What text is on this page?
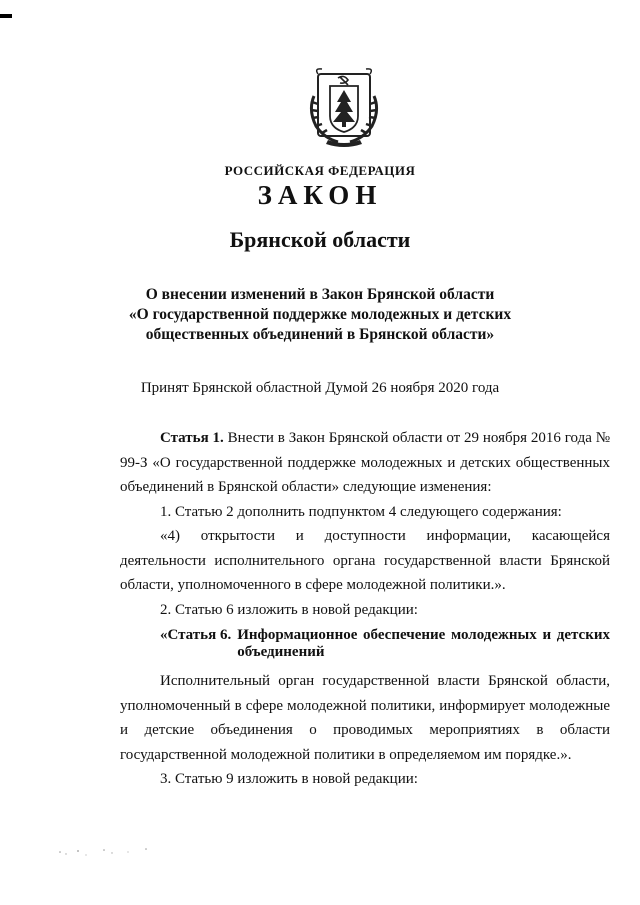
РОССИЙСКАЯ ФЕДЕРАЦИЯ
ЗАКОН
Брянской области
О внесении изменений в Закон Брянской области
«О государственной поддержке молодежных и детских
общественных объединений в Брянской области»
Принят Брянской областной Думой 26 ноября 2020 года

Статья 1. Внести в Закон Брянской области от 29 ноября 2016 года № 99-З «О государственной поддержке молодежных и детских общественных объединений в Брянской области» следующие изменения:

1. Статью 2 дополнить подпунктом 4 следующего содержания:

«4) открытости и доступности информации, касающейся деятельности исполнительного органа государственной власти Брянской области, уполномоченного в сфере молодежной политики.».

2. Статью 6 изложить в новой редакции:

«Статья 6. Информационное обеспечение молодежных и детских объединений

Исполнительный орган государственной власти Брянской области, уполномоченный в сфере молодежной политики, информирует молодежные и детские объединения о проводимых мероприятиях в области государственной молодежной политики в определяемом им порядке.».

3. Статью 9 изложить в новой редакции:
